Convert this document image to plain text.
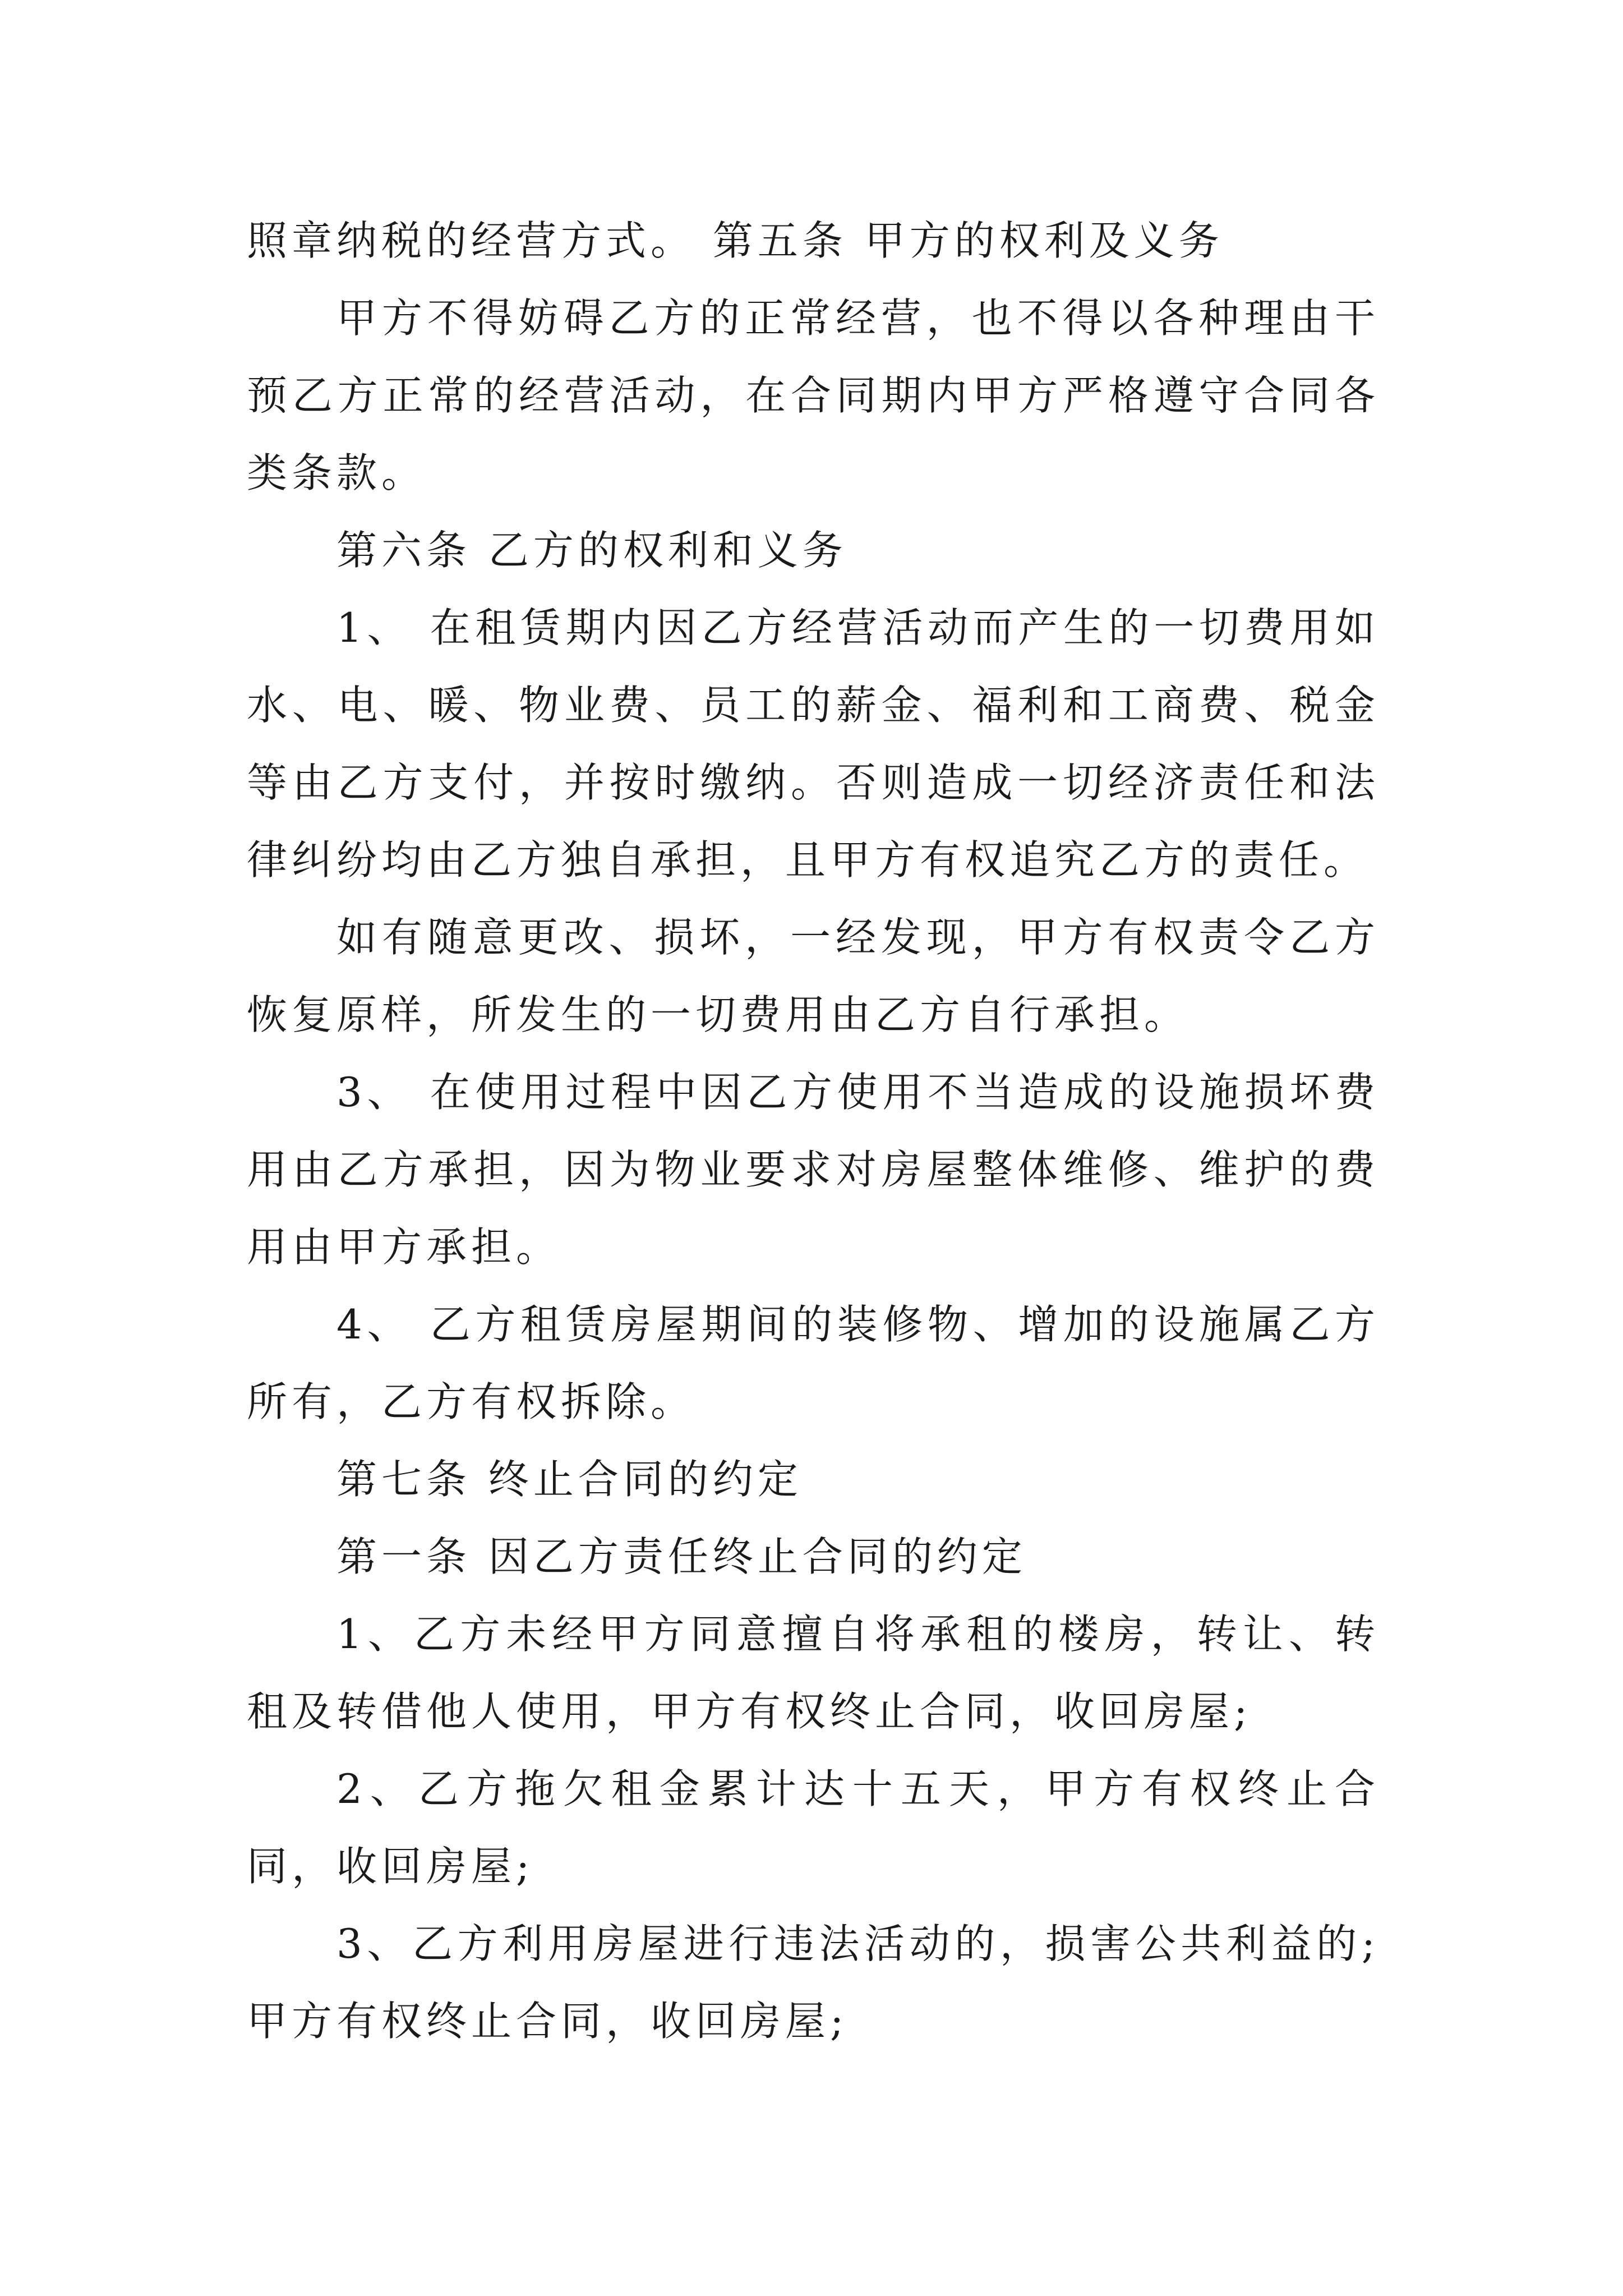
照章纳税的经营方式。 第五条 甲方的权利及义务

甲方不得妨碍乙方的正常经营，也不得以各种理由干预乙方正常的经营活动，在合同期内甲方严格遵守合同各类条款。

第六条 乙方的权利和义务

1、 在租赁期内因乙方经营活动而产生的一切费用如水、电、暖、物业费、员工的薪金、福利和工商费、税金等由乙方支付，并按时缴纳。否则造成一切经济责任和法律纠纷均由乙方独自承担，且甲方有权追究乙方的责任。

如有随意更改、损坏，一经发现，甲方有权责令乙方恢复原样，所发生的一切费用由乙方自行承担。

3、 在使用过程中因乙方使用不当造成的设施损坏费用由乙方承担，因为物业要求对房屋整体维修、维护的费用由甲方承担。

4、 乙方租赁房屋期间的装修物、增加的设施属乙方所有，乙方有权拆除。

第七条 终止合同的约定

第一条 因乙方责任终止合同的约定

1、乙方未经甲方同意擅自将承租的楼房，转让、转租及转借他人使用，甲方有权终止合同，收回房屋;

2、乙方拖欠租金累计达十五天，甲方有权终止合同，收回房屋;

3、乙方利用房屋进行违法活动的，损害公共利益的;甲方有权终止合同，收回房屋;
